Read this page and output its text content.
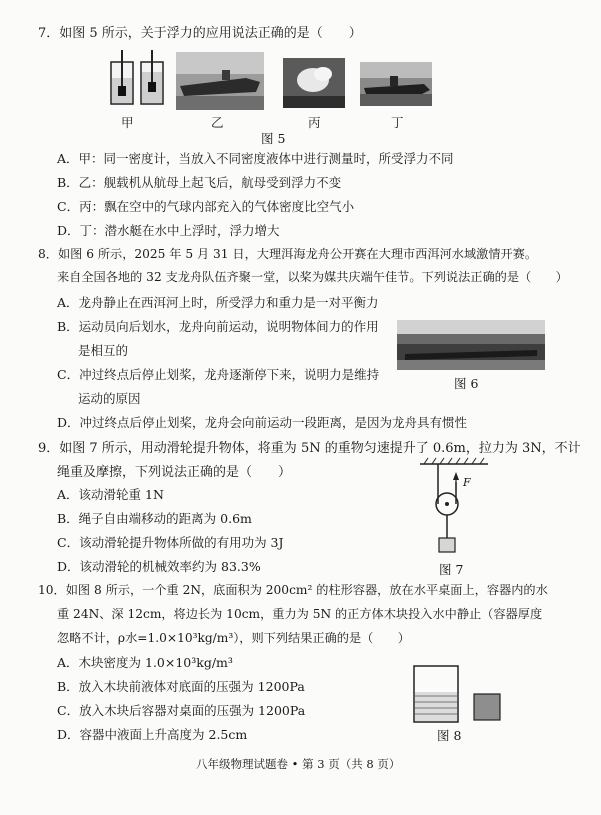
7．如图 5 所示，关于浮力的应用说法正确的是（　　）
甲	乙	丙	丁
图 5
A．甲：同一密度计，当放入不同密度液体中进行测量时，所受浮力不同
B．乙：舰载机从航母上起飞后，航母受到浮力不变
C．丙：飘在空中的气球内部充入的气体密度比空气小
D．丁：潜水艇在水中上浮时，浮力增大
8．如图 6 所示，2025 年 5 月 31 日，大理洱海龙舟公开赛在大理市西洱河水域激情开赛。
来自全国各地的 32 支龙舟队伍齐聚一堂，以桨为媒共庆端午佳节。下列说法正确的是（　　）
A．龙舟静止在西洱河上时，所受浮力和重力是一对平衡力
B．运动员向后划水，龙舟向前运动，说明物体间力的作用
是相互的
C．冲过终点后停止划桨，龙舟逐渐停下来，说明力是维持
运动的原因
D．冲过终点后停止划桨，龙舟会向前运动一段距离，是因为龙舟具有惯性
图 6
9．如图 7 所示，用动滑轮提升物体，将重为 5N 的重物匀速提升了 0.6m，拉力为 3N，不计
绳重及摩擦，下列说法正确的是（　　）
A．该动滑轮重 1N
B．绳子自由端移动的距离为 0.6m
C．该动滑轮提升物体所做的有用功为 3J
D．该动滑轮的机械效率约为 83.3%
F
图 7
10．如图 8 所示，一个重 2N，底面积为 200cm² 的柱形容器，放在水平桌面上，容器内的水
重 24N、深 12cm，将边长为 10cm，重力为 5N 的正方体木块投入水中静止（容器厚度
忽略不计，ρ水=1.0×10³kg/m³），则下列结果正确的是（　　）
A．木块密度为 1.0×10³kg/m³
B．放入木块前液体对底面的压强为 1200Pa
C．放入木块后容器对桌面的压强为 1200Pa
D．容器中液面上升高度为 2.5cm	图 8
八年级物理试题卷 • 第 3 页（共 8 页）
